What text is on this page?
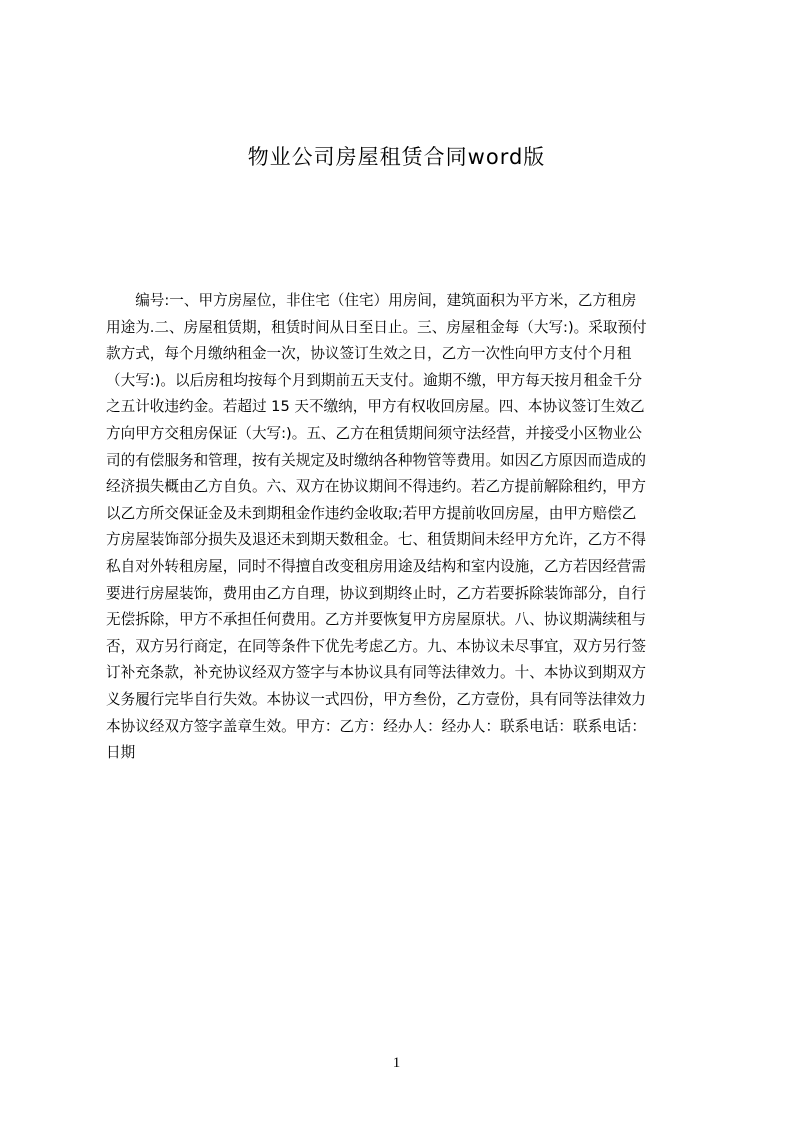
物业公司房屋租赁合同word版
　　编号:一、甲方房屋位，非住宅（住宅）用房间，建筑面积为平方米，乙方租房
用途为.二、房屋租赁期，租赁时间从日至日止。三、房屋租金每（大写:)。采取预付
款方式，每个月缴纳租金一次，协议签订生效之日，乙方一次性向甲方支付个月租
（大写:)。以后房租均按每个月到期前五天支付。逾期不缴，甲方每天按月租金千分
之五计收违约金。若超过 15 天不缴纳，甲方有权收回房屋。四、本协议签订生效乙
方向甲方交租房保证（大写:)。五、乙方在租赁期间须守法经营，并接受小区物业公
司的有偿服务和管理，按有关规定及时缴纳各种物管等费用。如因乙方原因而造成的
经济损失概由乙方自负。六、双方在协议期间不得违约。若乙方提前解除租约，甲方
以乙方所交保证金及未到期租金作违约金收取;若甲方提前收回房屋，由甲方赔偿乙
方房屋装饰部分损失及退还未到期天数租金。七、租赁期间未经甲方允许，乙方不得
私自对外转租房屋，同时不得擅自改变租房用途及结构和室内设施，乙方若因经营需
要进行房屋装饰，费用由乙方自理，协议到期终止时，乙方若要拆除装饰部分，自行
无偿拆除，甲方不承担任何费用。乙方并要恢复甲方房屋原状。八、协议期满续租与
否，双方另行商定，在同等条件下优先考虑乙方。九、本协议未尽事宜，双方另行签
订补充条款，补充协议经双方签字与本协议具有同等法律效力。十、本协议到期双方
义务履行完毕自行失效。本协议一式四份，甲方叁份，乙方壹份，具有同等法律效力
本协议经双方签字盖章生效。甲方：乙方：经办人：经办人：联系电话：联系电话：
日期
1
